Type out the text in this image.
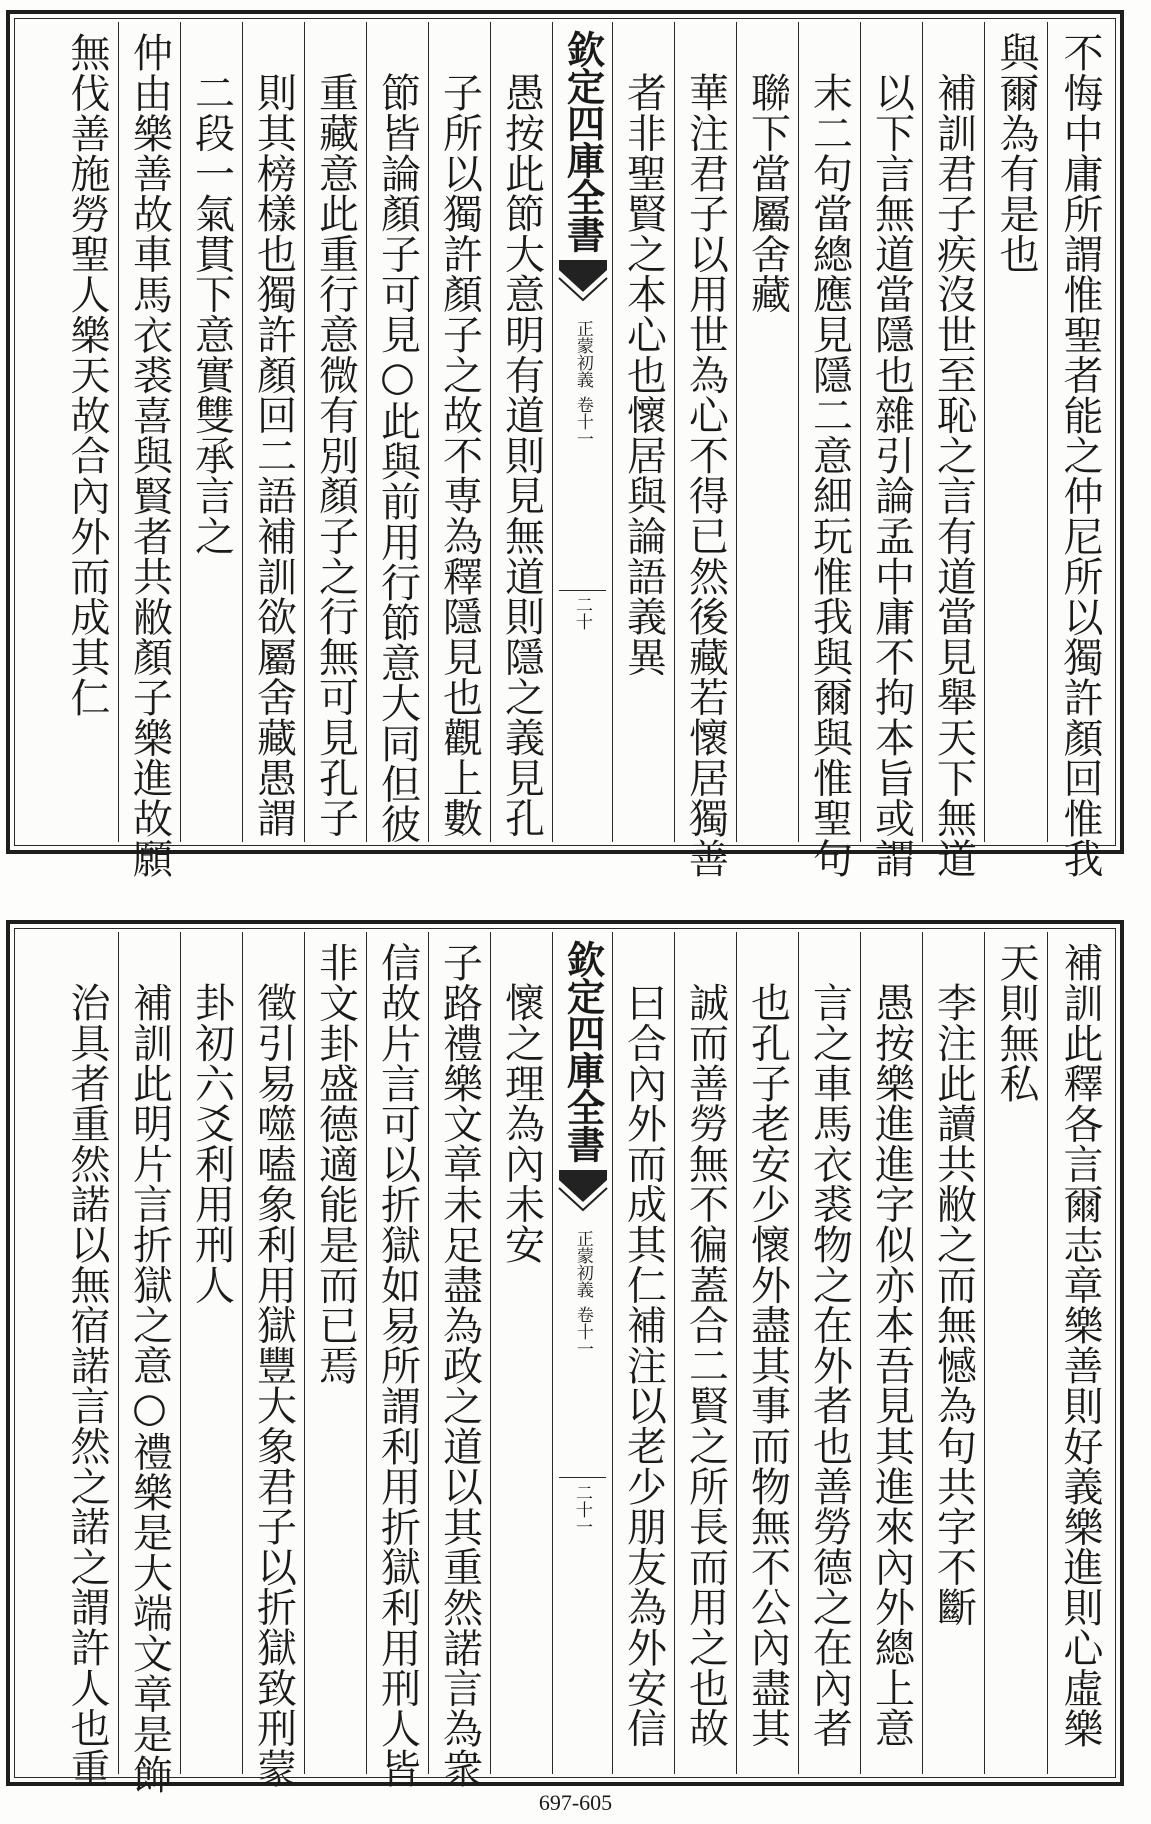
不悔中庸所謂惟聖者能之仲尼所以獨許顏回惟我
與爾為有是也
補訓君子疾沒世至恥之言有道當見舉天下無道
以下言無道當隱也雜引論孟中庸不拘本旨或謂
末二句當總應見隱二意細玩惟我與爾與惟聖句
聯下當屬舍藏
華注君子以用世為心不得已然後藏若懷居獨善
者非聖賢之本心也懷居與論語義異
欽定四庫全書
正蒙初義
卷十一
二十
愚按此節大意明有道則見無道則隱之義見孔
子所以獨許顏子之故不専為釋隱見也觀上數
節皆論顏子可見○此與前用行節意大同但彼
重藏意此重行意微有別顏子之行無可見孔子
則其榜樣也獨許顏回二語補訓欲屬舍藏愚謂
二段一氣貫下意實雙承言之
仲由樂善故車馬衣裘喜與賢者共敝顏子樂進故願
無伐善施勞聖人樂天故合內外而成其仁
補訓此釋各言爾志章樂善則好義樂進則心虛樂
天則無私
李注此讀共敝之而無憾為句共字不斷
愚按樂進進字似亦本吾見其進來內外總上意
言之車馬衣裘物之在外者也善勞德之在內者
也孔子老安少懷外盡其事而物無不公內盡其
誠而善勞無不徧蓋合二賢之所長而用之也故
曰合內外而成其仁補注以老少朋友為外安信
欽定四庫全書
正蒙初義
卷十一
二十一
懷之理為內未安
子路禮樂文章未足盡為政之道以其重然諾言為衆
信故片言可以折獄如易所謂利用折獄利用刑人皆
非文卦盛德適能是而已焉
徵引易噬嗑象利用獄豐大象君子以折獄致刑蒙
卦初六爻利用刑人
補訓此明片言折獄之意○禮樂是大端文章是飾
治具者重然諾以無宿諾言然之諾之謂許人也重
697-605
